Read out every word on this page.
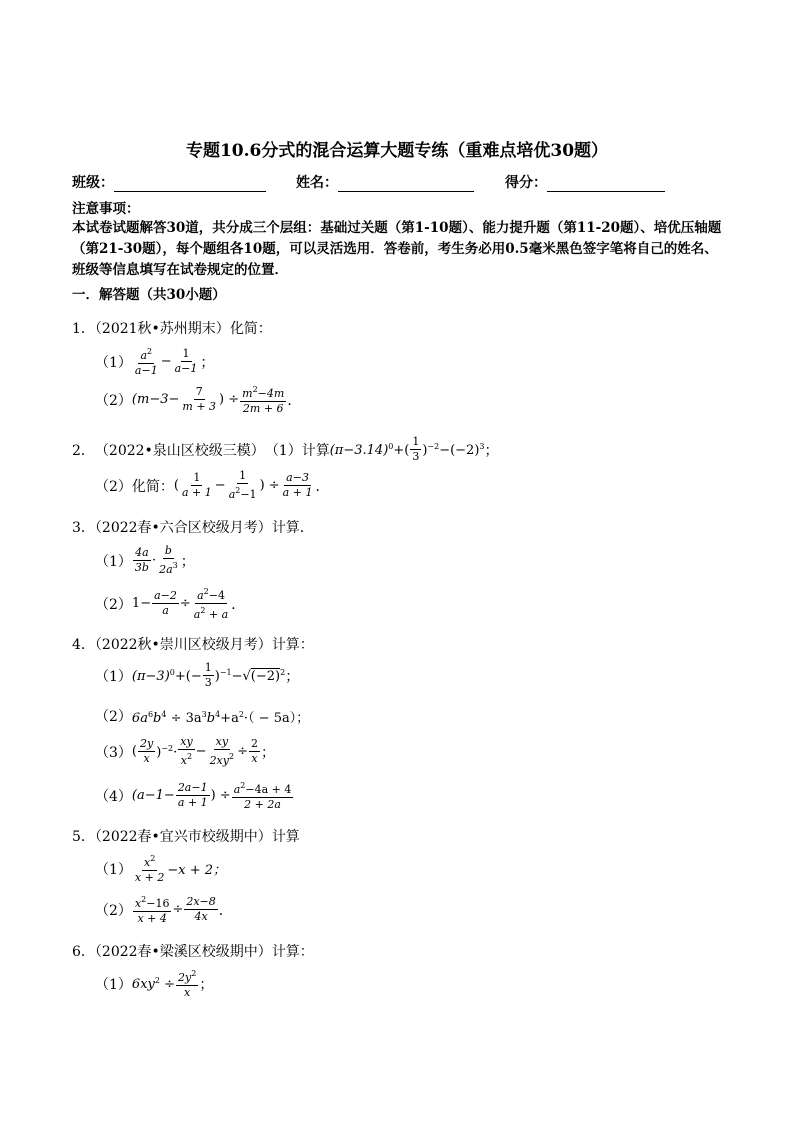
专题10.6分式的混合运算大题专练（重难点培优30题）
班级：	姓名：	得分：
注意事项：
本试卷试题解答30道，共分成三个层组：基础过关题（第1-10题）、能力提升题（第11-20题）、培优压轴题（第21-30题），每个题组各10题，可以灵活选用．答卷前，考生务必用0.5毫米黑色签字笔将自己的姓名、班级等信息填写在试卷规定的位置．
一．解答题（共30小题）
1．（2021秋•苏州期末）化简：
$(1) \frac{a^2}{a-1} - \frac{1}{a-1}$ ；
（2） ($m-3- \frac{7}{m + 3}$ ) ÷ $\frac{m^2-4m}{2m + 6}$ ．
2． （2022•泉山区校级三模） （1）计算 $(\pi-3.14)^0+( \frac{1}{3} )^{-2}-(-2)^3$ ；
（2） 化简： ( $\frac{1}{a + 1} - \frac{1}{a^2-1}$ ) ÷ $\frac{a-3}{a + 1}$ ．
3．（2022春•六合区校级月考）计算．
$(1) \frac{4a}{3b} \cdot \frac{b}{2a^3}$ ；
（2） $1 - \frac{a-2}{a} \div \frac{a^2-4}{a^2 + a}$ ．
4．（2022秋•崇川区校级月考）计算：
（1） $(\pi-3)^0+(- \frac{1}{3} )^{-1}-√(-2)^2$ ；
（2） $6a^6b^4 \div 3a^3b^4+a^2\cdot( - 5a)$；
（3） ( $\frac{2y}{x} )^{-2}\cdot \frac{xy}{x^2} - \frac{xy}{2xy^2} \div \frac{2}{x}$ ；
（4） ($a-1- \frac{2a-1}{a + 1}$ ) ÷ $\frac{a^2-4a + 4}{2 + 2a}$
5．（2022春•宜兴市校级期中）计算
$(1) \frac{x^2}{x + 2} -x + 2$；
$(2) \frac{x^2-16}{x + 4} \div \frac{2x-8}{4x}$ ．
6．（2022春•梁溪区校级期中）计算：
（1） $6xy^2 \div \frac{2y^2}{x}$ ；
